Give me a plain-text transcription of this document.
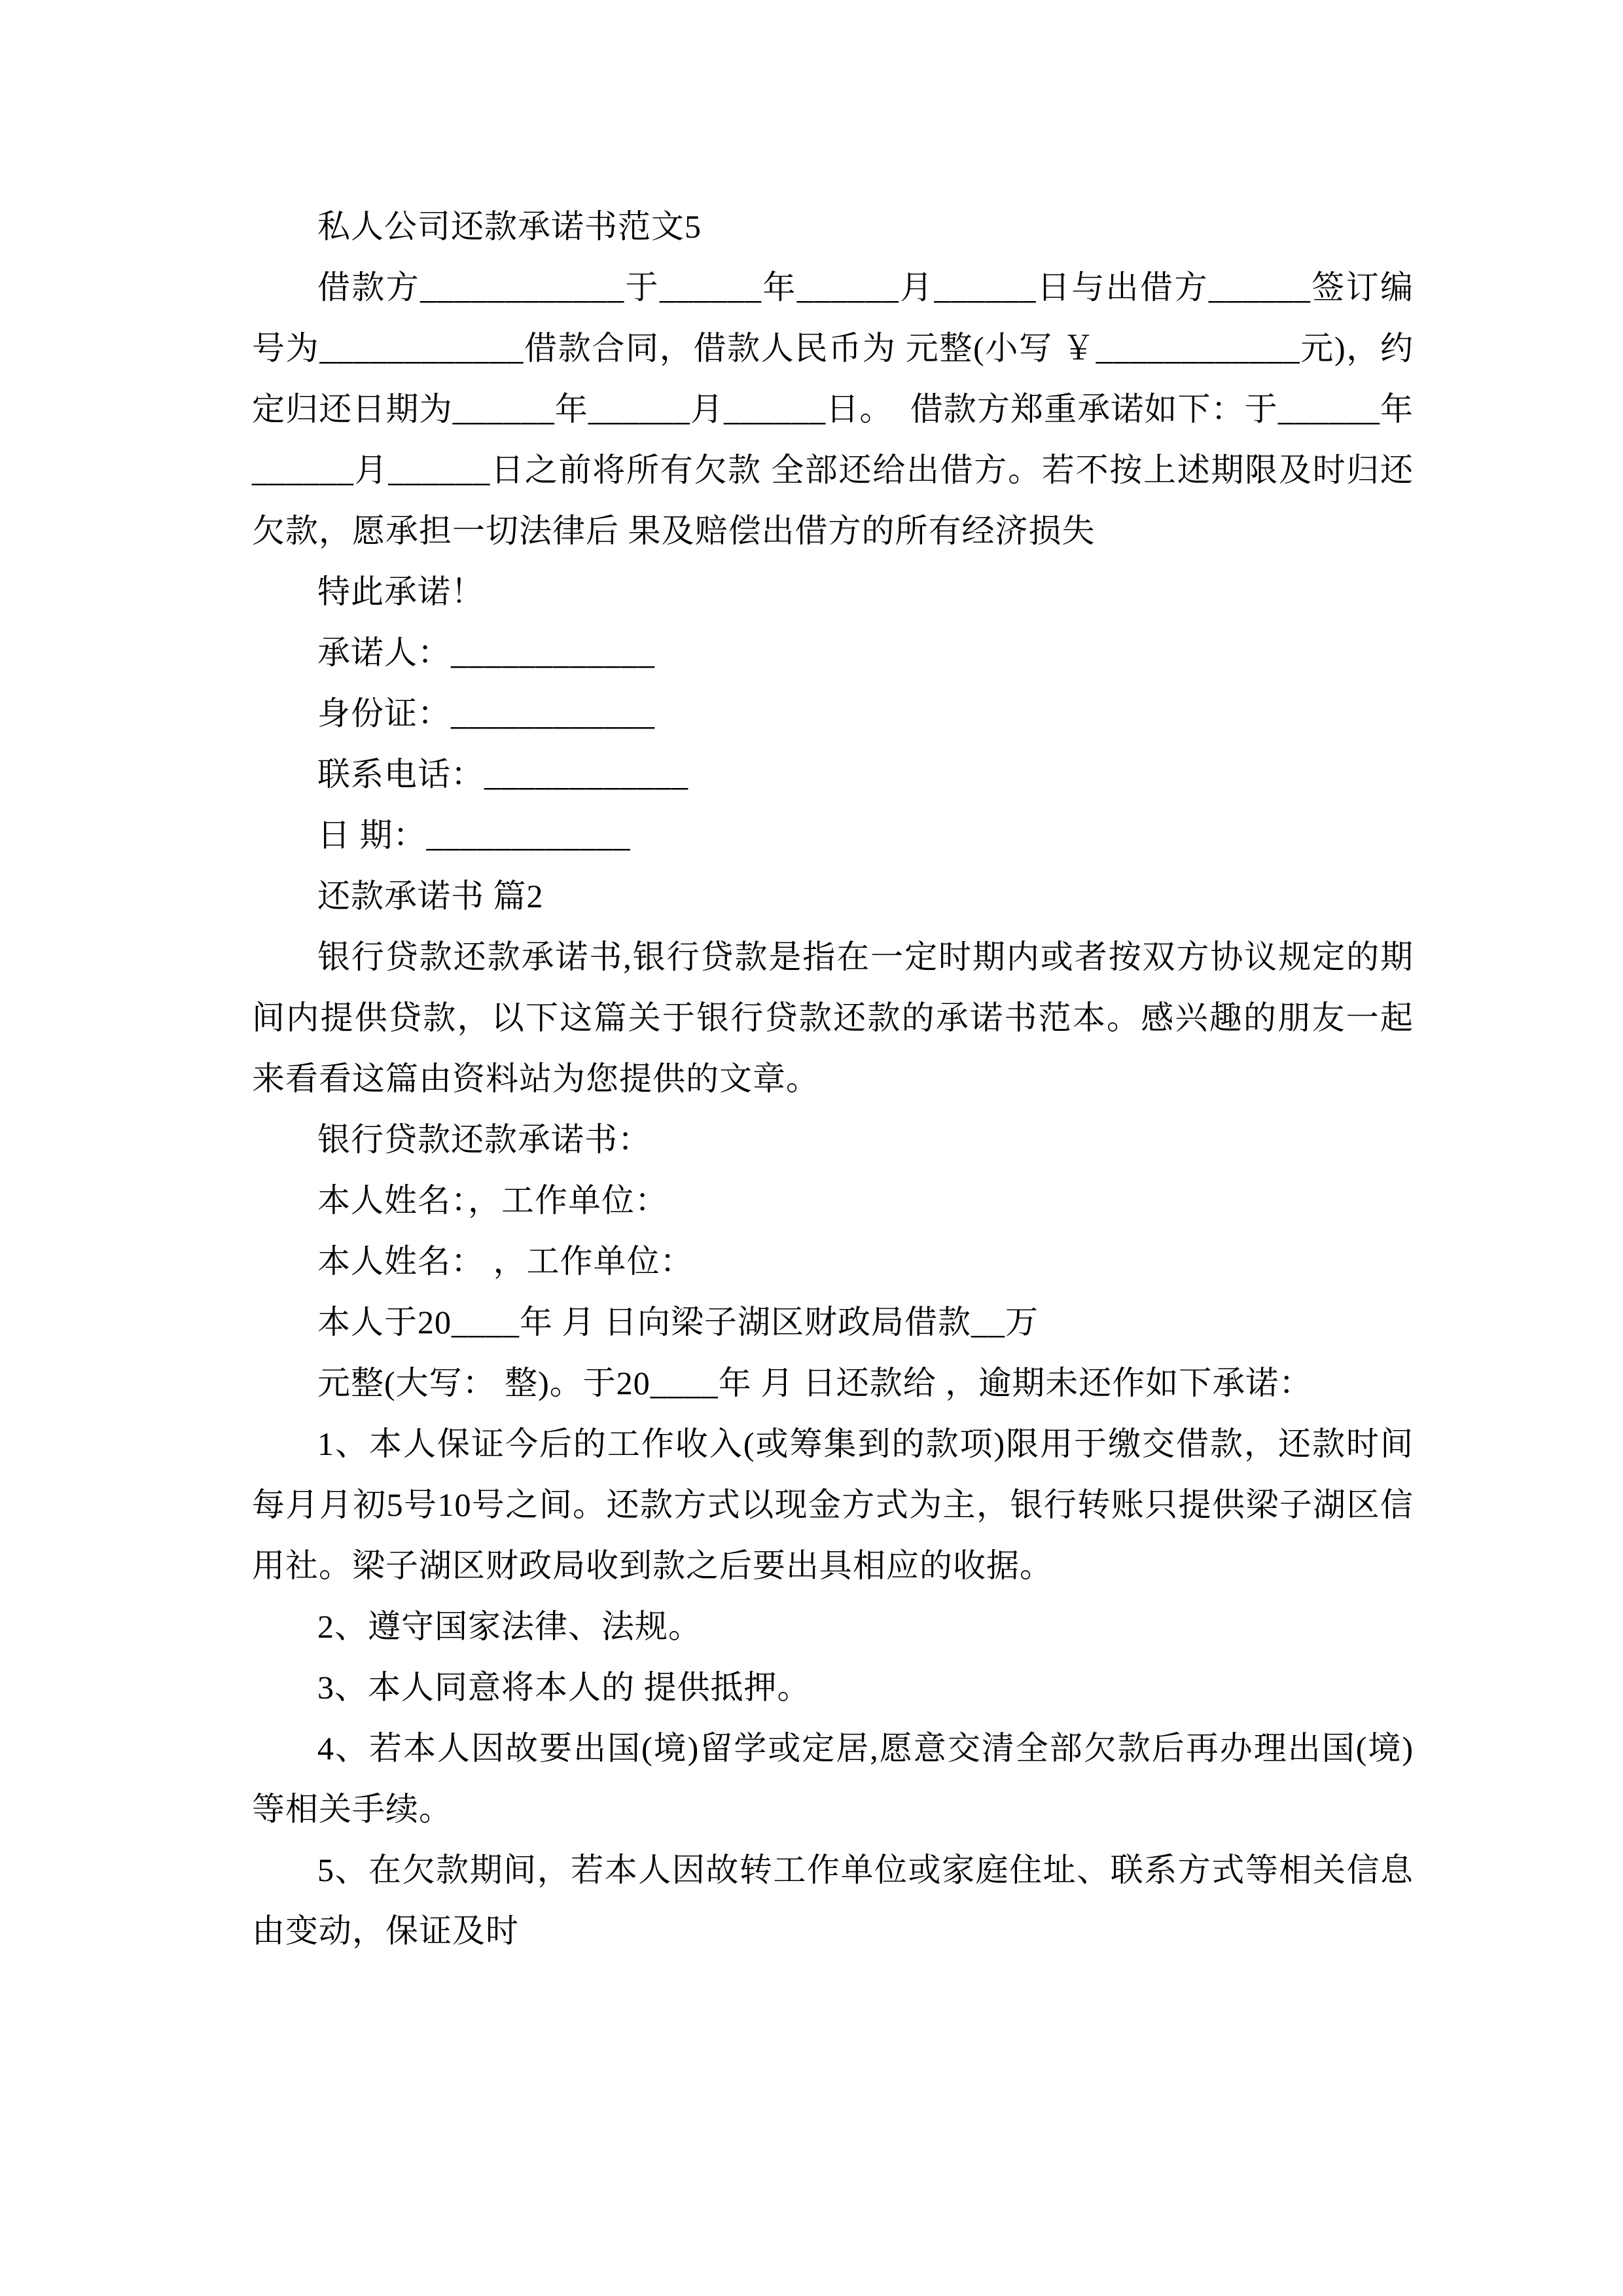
私人公司还款承诺书范文5

借款方____________于______年______月______日与出借方______签订编号为____________借款合同，借款人民币为 元整(小写 ￥____________元)，约定归还日期为______年______月______日。　借款方郑重承诺如下：于______年______月______日之前将所有欠款 全部还给出借方。若不按上述期限及时归还欠款，愿承担一切法律后 果及赔偿出借方的所有经济损失

特此承诺！

承诺人：____________

身份证：____________

联系电话：____________

日 期：____________

还款承诺书 篇2

银行贷款还款承诺书,银行贷款是指在一定时期内或者按双方协议规定的期间内提供贷款，以下这篇关于银行贷款还款的承诺书范本。感兴趣的朋友一起来看看这篇由资料站为您提供的文章。

银行贷款还款承诺书：

本人姓名：，工作单位：

本人姓名： ，工作单位：

本人于20____年 月 日向梁子湖区财政局借款__万

元整(大写： 整)。于20____年 月 日还款给 ，逾期未还作如下承诺：

1、本人保证今后的工作收入(或筹集到的款项)限用于缴交借款，还款时间每月月初5号10号之间。还款方式以现金方式为主，银行转账只提供梁子湖区信用社。梁子湖区财政局收到款之后要出具相应的收据。

2、遵守国家法律、法规。

3、本人同意将本人的 提供抵押。

4、若本人因故要出国(境)留学或定居,愿意交清全部欠款后再办理出国(境)等相关手续。

5、在欠款期间，若本人因故转工作单位或家庭住址、联系方式等相关信息由变动，保证及时
